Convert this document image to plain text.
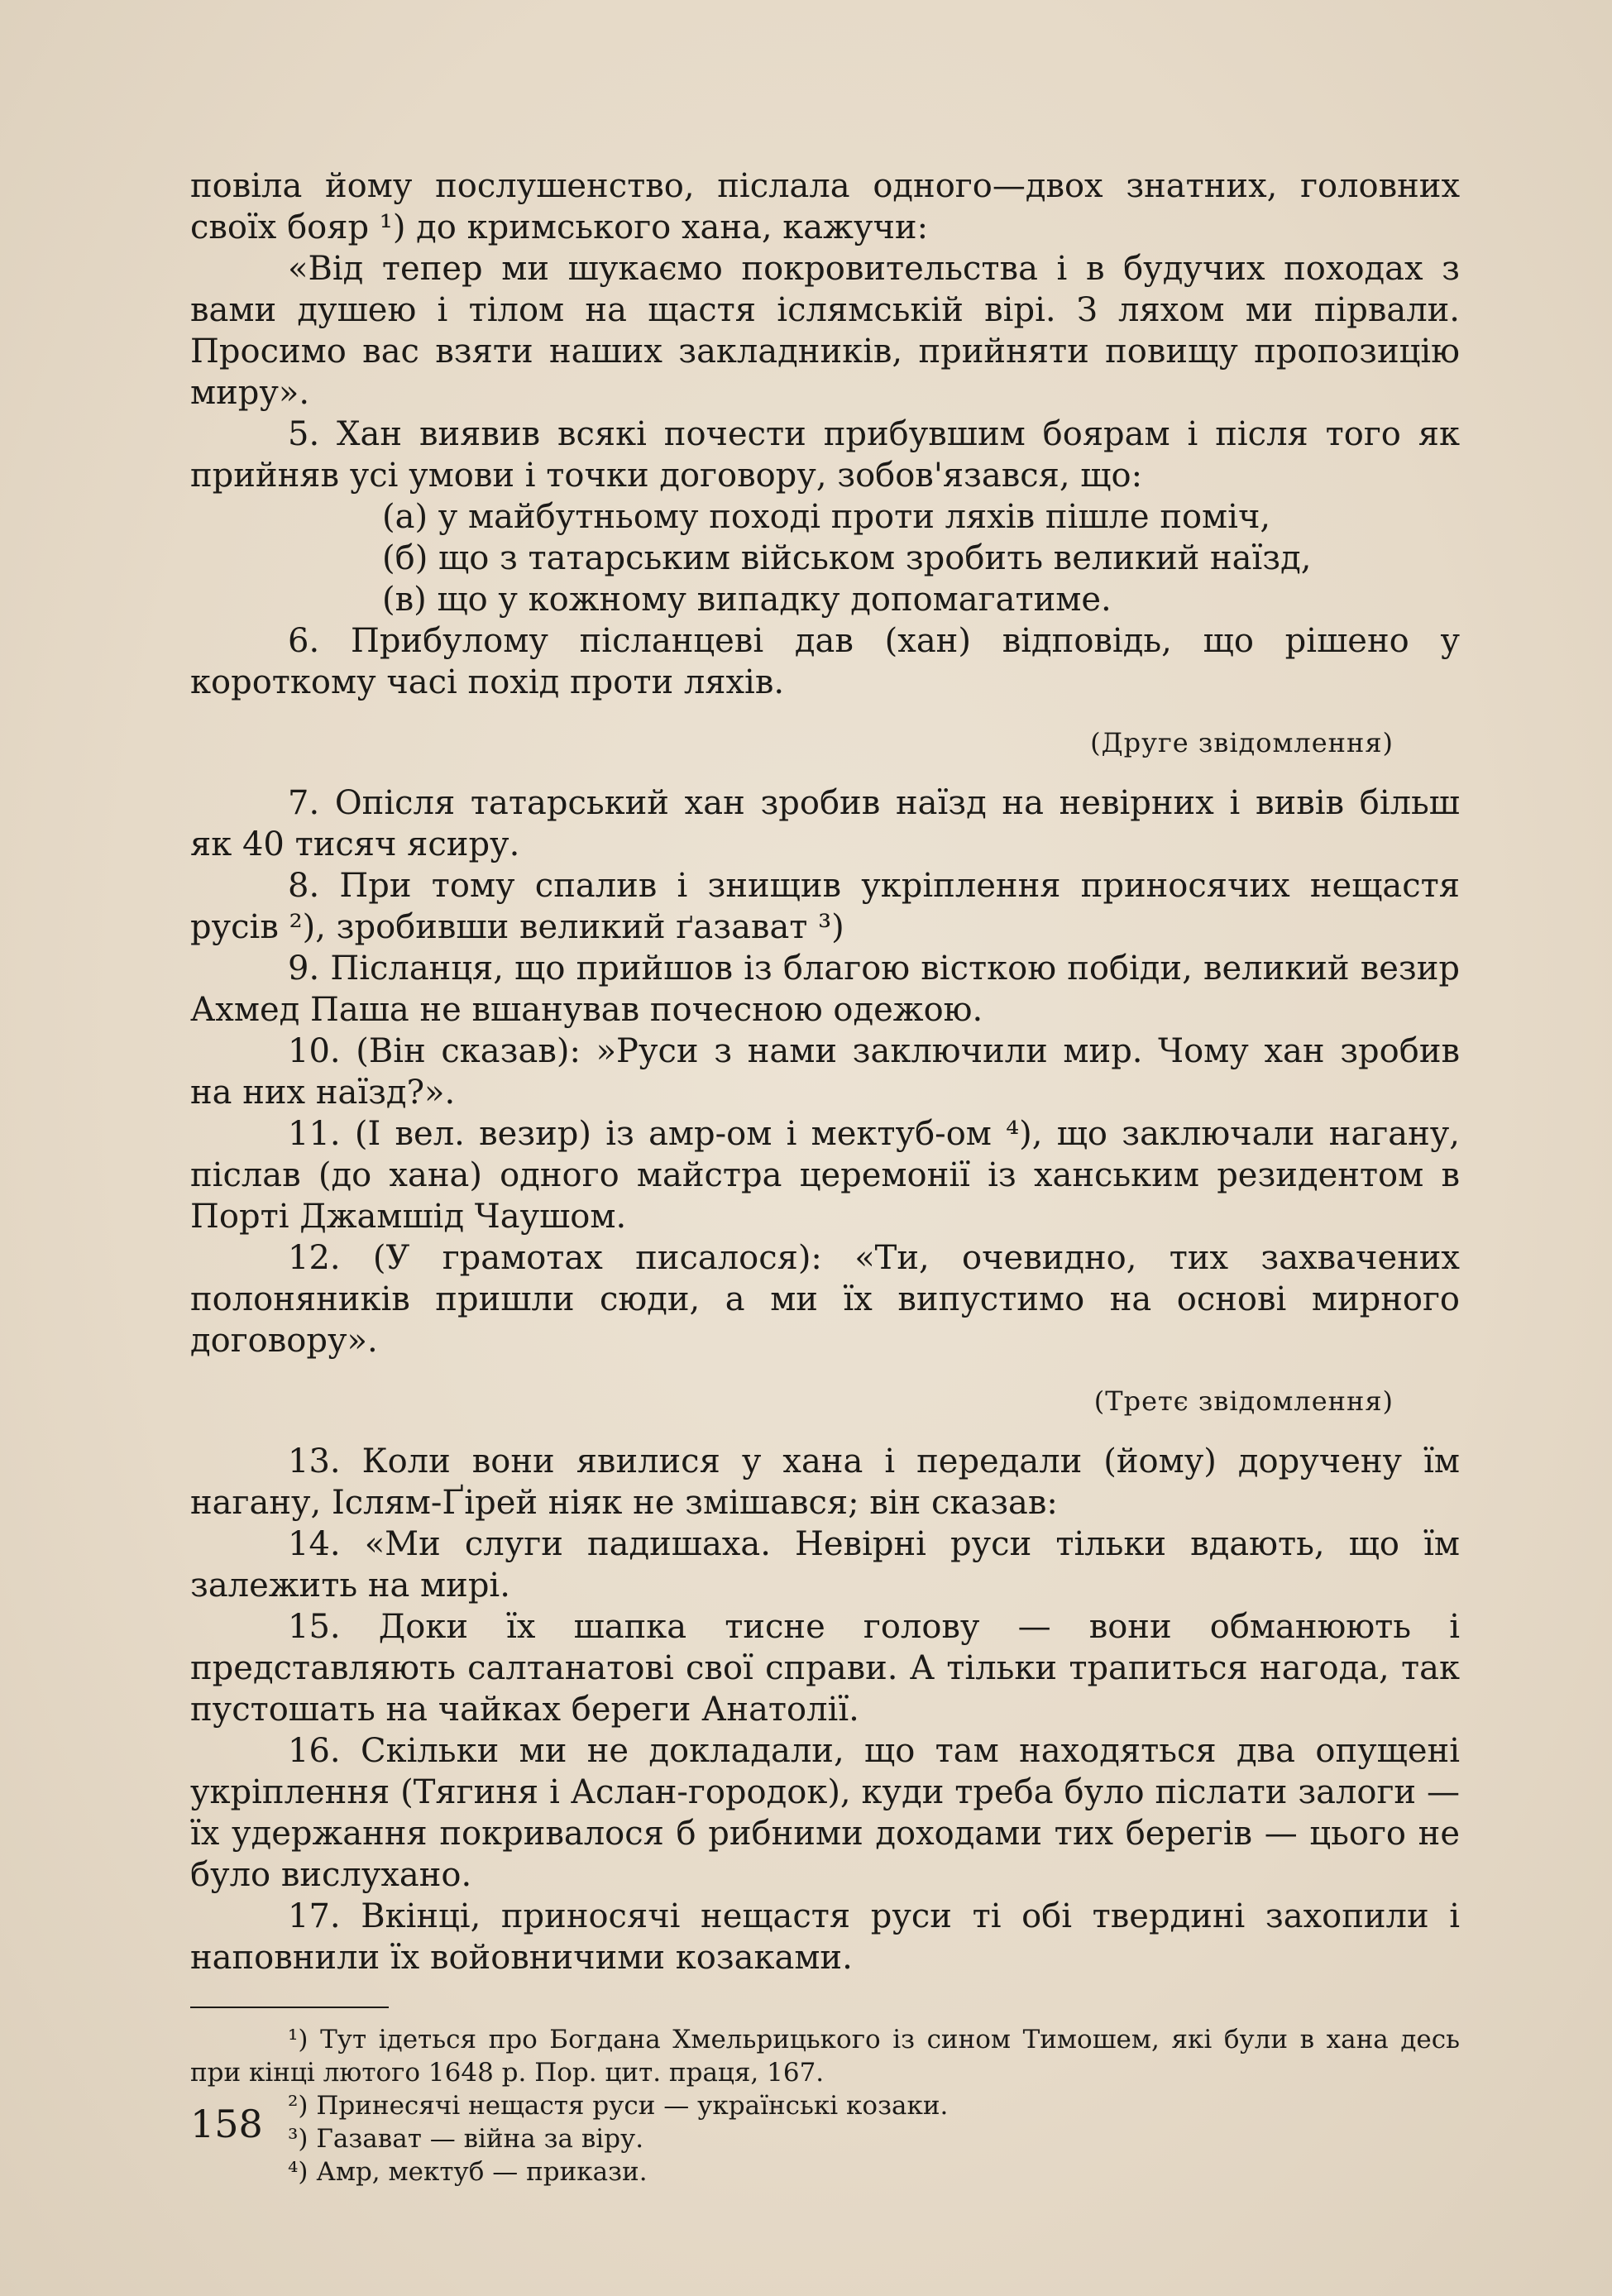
повіла йому послушенство, післала одного—двох знатних, головних своїх бояр ¹) до кримського хана, кажучи:

«Від тепер ми шукаємо покровительства і в будучих походах з вами душею і тілом на щастя іслямській вірі. З ляхом ми пірвали. Просимо вас взяти наших закладників, прийняти повищу пропозицію миру».

5. Хан виявив всякі почести прибувшим боярам і після того як прийняв усі умови і точки договору, зобов'язався, що:

(а) у майбутньому поході проти ляхів пішле поміч,

(б) що з татарським військом зробить великий наїзд,

(в) що у кожному випадку допомагатиме.

6. Прибулому післанцеві дав (хан) відповідь, що рішено у короткому часі похід проти ляхів.

(Друге звідомлення)

7. Опісля татарський хан зробив наїзд на невірних і вивів більш як 40 тисяч ясиру.

8. При тому спалив і знищив укріплення приносячих нещастя русів ²), зробивши великий ґазават ³)

9. Післанця, що прийшов із благою вісткою побіди, великий везир Ахмед Паша не вшанував почесною одежою.

10. (Він сказав): »Руси з нами заключили мир. Чому хан зробив на них наїзд?».

11. (І вел. везир) із амр-ом і мектуб-ом ⁴), що заключали нагану, післав (до хана) одного майстра церемонії із ханським резидентом в Порті Джамшід Чаушом.

12. (У грамотах писалося): «Ти, очевидно, тих захвачених полоняників пришли сюди, а ми їх випустимо на основі мирного договору».

(Третє звідомлення)

13. Коли вони явилися у хана і передали (йому) доручену їм нагану, Іслям-Ґірей ніяк не змішався; він сказав:

14. «Ми слуги падишаха. Невірні руси тільки вдають, що їм залежить на мирі.

15. Доки їх шапка тисне голову — вони обманюють і представляють салтанатові свої справи. А тільки трапиться нагода, так пустошать на чайках береги Анатолії.

16. Скільки ми не докладали, що там находяться два опущені укріплення (Тягиня і Аслан-городок), куди треба було післати залоги — їх удержання покривалося б рибними доходами тих берегів — цього не було вислухано.

17. Вкінці, приносячі нещастя руси ті обі твердині захопили і наповнили їх войовничими козаками.

¹) Тут ідеться про Богдана Хмельрицького із сином Тимошем, які були в хана десь при кінці лютого 1648 р. Пор. цит. праця, 167.

²) Принесячі нещастя руси — українські козаки.

³) Газават — війна за віру.

⁴) Амр, мектуб — прикази.

158
